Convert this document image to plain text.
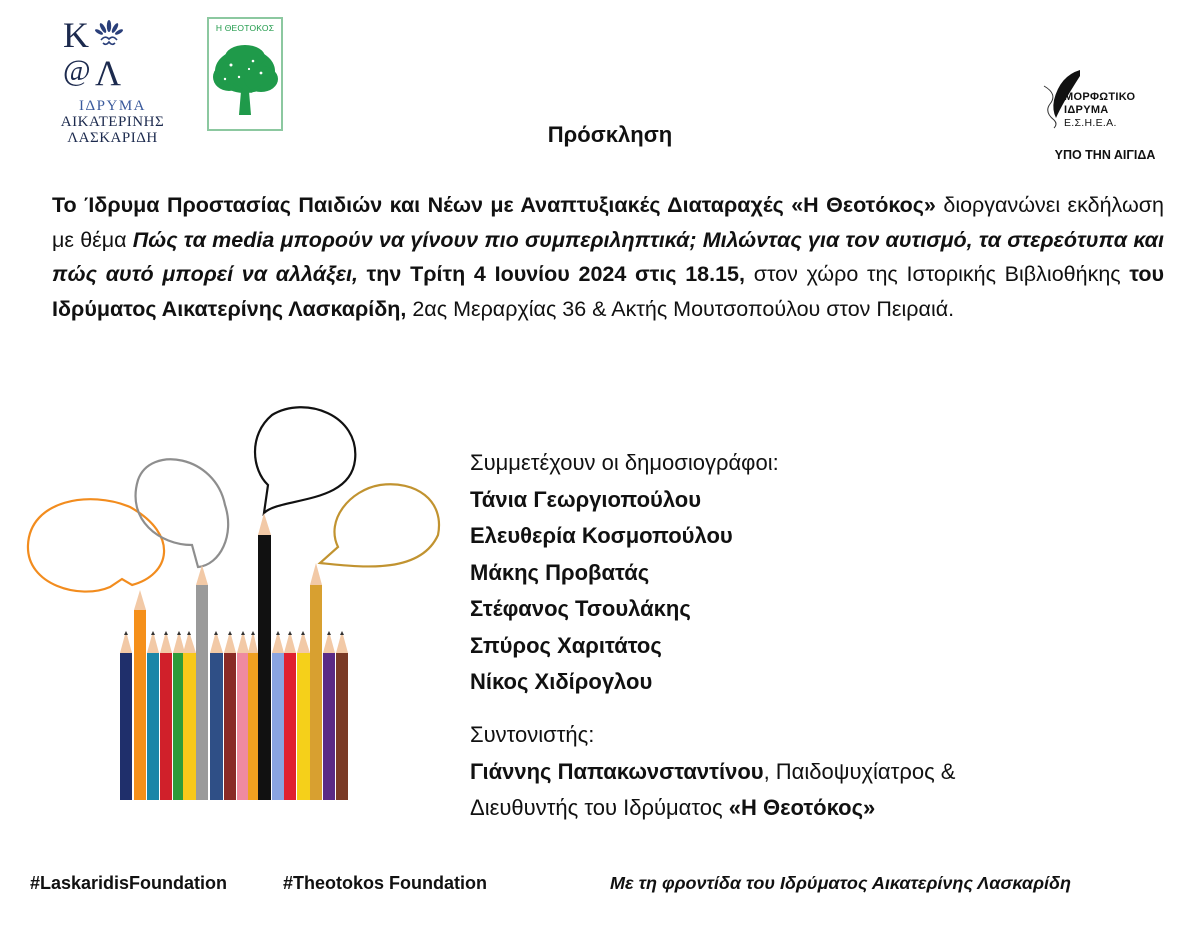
K
@ Λ
ΙΔΡΥΜΑ
ΑΙΚΑΤΕΡΙΝΗΣ
ΛΑΣΚΑΡΙΔΗ
Η ΘΕΟΤΟΚΟΣ
ΜΟΡΦΩΤΙΚΟ
ΙΔΡΥΜΑ
Ε.Σ.Η.Ε.Α.
ΥΠΟ ΤΗΝ ΑΙΓΙΔΑ
Πρόσκληση
Το Ίδρυμα Προστασίας Παιδιών και Νέων με Αναπτυξιακές Διαταραχές «Η Θεοτόκος» διοργανώνει εκδήλωση με θέμα Πώς τα media μπορούν να γίνουν πιο συμπεριληπτικά; Μιλώντας για τον αυτισμό, τα στερεότυπα και πώς αυτό μπορεί να αλλάξει, την Τρίτη 4 Ιουνίου 2024 στις 18.15, στον χώρο της Ιστορικής Βιβλιοθήκης του Ιδρύματος Αικατερίνης Λασκαρίδη, 2ας Μεραρχίας 36 & Ακτής Μουτσοπούλου στον Πειραιά.
Συμμετέχουν οι δημοσιογράφοι:
Τάνια Γεωργιοπούλου
Ελευθερία Κοσμοπούλου
Μάκης Προβατάς
Στέφανος Τσουλάκης
Σπύρος Χαριτάτος
Νίκος Χιδίρογλου
Συντονιστής:
Γιάννης Παπακωνσταντίνου, Παιδοψυχίατρος &
Διευθυντής του Ιδρύματος «Η Θεοτόκος»
#LaskaridisFoundation	#Theotokos Foundation	Με τη φροντίδα του Ιδρύματος Αικατερίνης Λασκαρίδη
